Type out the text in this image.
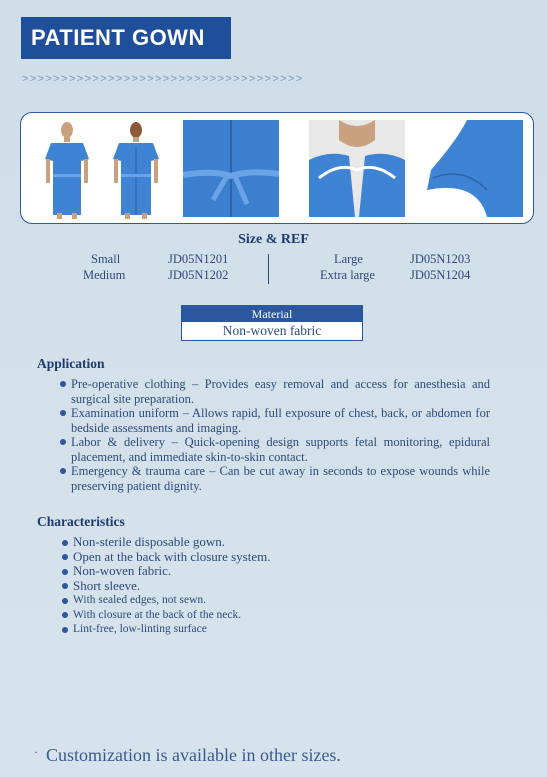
PATIENT GOWN
>>>>>>>>>>>>>>>>>>>>>>>>>>>>>>>>>>>>
Size & REF
Small	JD05N1201
Medium	JD05N1202
Large	JD05N1203
Extra large	JD05N1204
Material
Non-woven fabric
Application
Pre-operative clothing – Provides easy removal and access for anesthesia and surgical site preparation.
Examination uniform – Allows rapid, full exposure of chest, back, or abdomen for bedside assessments and imaging.
Labor & delivery – Quick-opening design supports fetal monitoring, epidural placement, and immediate skin-to-skin contact.
Emergency & trauma care – Can be cut away in seconds to expose wounds while preserving patient dignity.
Characteristics
Non-sterile disposable gown.
Open at the back with closure system.
Non-woven fabric.
Short sleeve.
With sealed edges, not sewn.
With closure at the back of the neck.
Lint-free, low-linting surface
· Customization is available in other sizes.
